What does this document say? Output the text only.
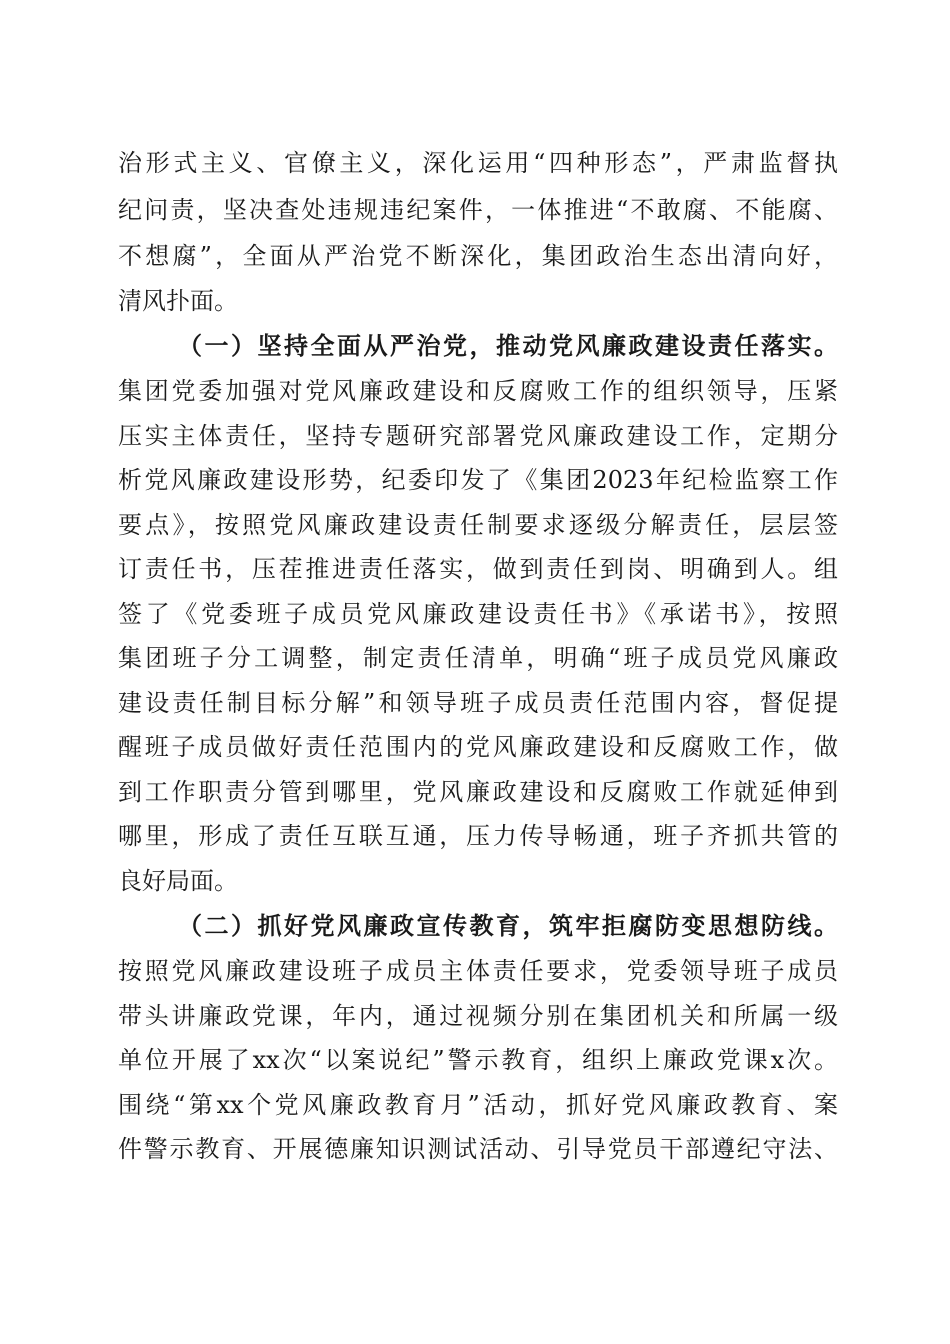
治形式主义、官僚主义，深化运用“四种形态”，严肃监督执

纪问责，坚决查处违规违纪案件，一体推进“不敢腐、不能腐、

不想腐”，全面从严治党不断深化，集团政治生态出清向好，

清风扑面。

（一）坚持全面从严治党，推动党风廉政建设责任落实。

集团党委加强对党风廉政建设和反腐败工作的组织领导，压紧

压实主体责任，坚持专题研究部署党风廉政建设工作，定期分

析党风廉政建设形势，纪委印发了《集团2023年纪检监察工作

要点》，按照党风廉政建设责任制要求逐级分解责任，层层签

订责任书，压茬推进责任落实，做到责任到岗、明确到人。组

签了《党委班子成员党风廉政建设责任书》《承诺书》，按照

集团班子分工调整，制定责任清单，明确“班子成员党风廉政

建设责任制目标分解”和领导班子成员责任范围内容，督促提

醒班子成员做好责任范围内的党风廉政建设和反腐败工作，做

到工作职责分管到哪里，党风廉政建设和反腐败工作就延伸到

哪里，形成了责任互联互通，压力传导畅通，班子齐抓共管的

良好局面。

（二）抓好党风廉政宣传教育，筑牢拒腐防变思想防线。

按照党风廉政建设班子成员主体责任要求，党委领导班子成员

带头讲廉政党课，年内，通过视频分别在集团机关和所属一级

单位开展了xx次“以案说纪”警示教育，组织上廉政党课x次。

围绕“第xx个党风廉政教育月”活动，抓好党风廉政教育、案

件警示教育、开展德廉知识测试活动、引导党员干部遵纪守法、
